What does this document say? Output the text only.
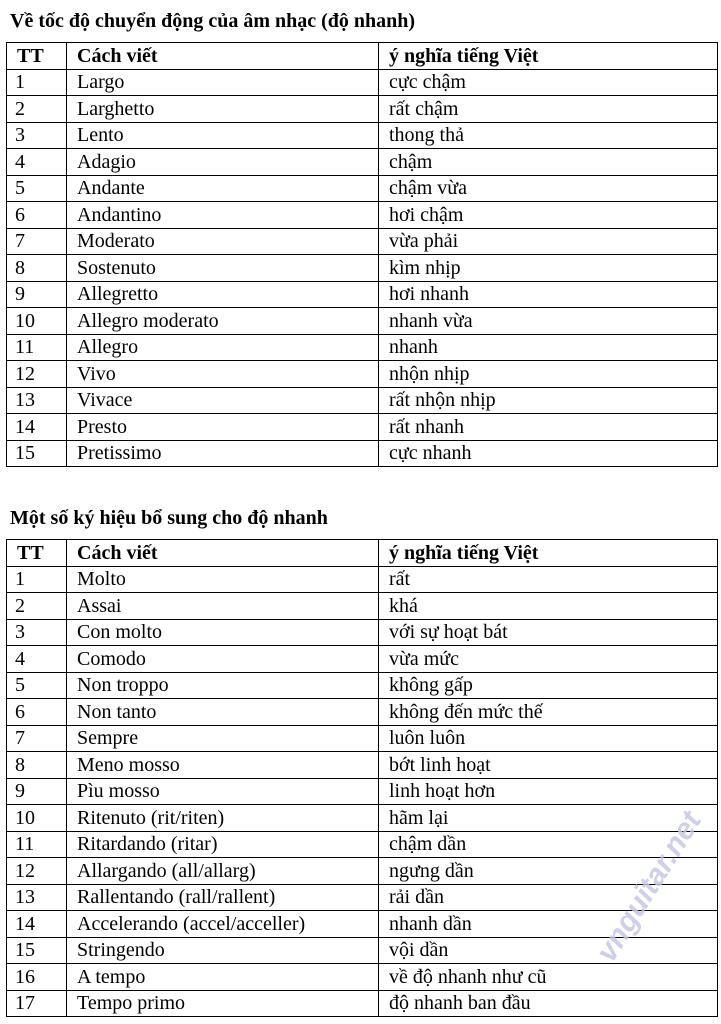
Về tốc độ chuyển động của âm nhạc (độ nhanh)
TT	Cách viết	ý nghĩa tiếng Việt
1	Largo	cực chậm
2	Larghetto	rất chậm
3	Lento	thong thả
4	Adagio	chậm
5	Andante	chậm vừa
6	Andantino	hơi chậm
7	Moderato	vừa phải
8	Sostenuto	kìm nhịp
9	Allegretto	hơi nhanh
10	Allegro moderato	nhanh vừa
11	Allegro	nhanh
12	Vivo	nhộn nhịp
13	Vivace	rất nhộn nhịp
14	Presto	rất nhanh
15	Pretissimo	cực nhanh
Một số ký hiệu bổ sung cho độ nhanh
TT	Cách viết	ý nghĩa tiếng Việt
1	Molto	rất
2	Assai	khá
3	Con molto	với sự hoạt bát
4	Comodo	vừa mức
5	Non troppo	không gấp
6	Non tanto	không đến mức thế
7	Sempre	luôn luôn
8	Meno mosso	bớt linh hoạt
9	Pìu mosso	linh hoạt hơn
10	Ritenuto (rit/riten)	hãm lại
11	Ritardando (ritar)	chậm dần
12	Allargando (all/allarg)	ngưng dần
13	Rallentando (rall/rallent)	rải dần
14	Accelerando (accel/acceller)	nhanh dần
15	Stringendo	vội dần
16	A tempo	về độ nhanh như cũ
17	Tempo primo	độ nhanh ban đầu
vnguitar.net
